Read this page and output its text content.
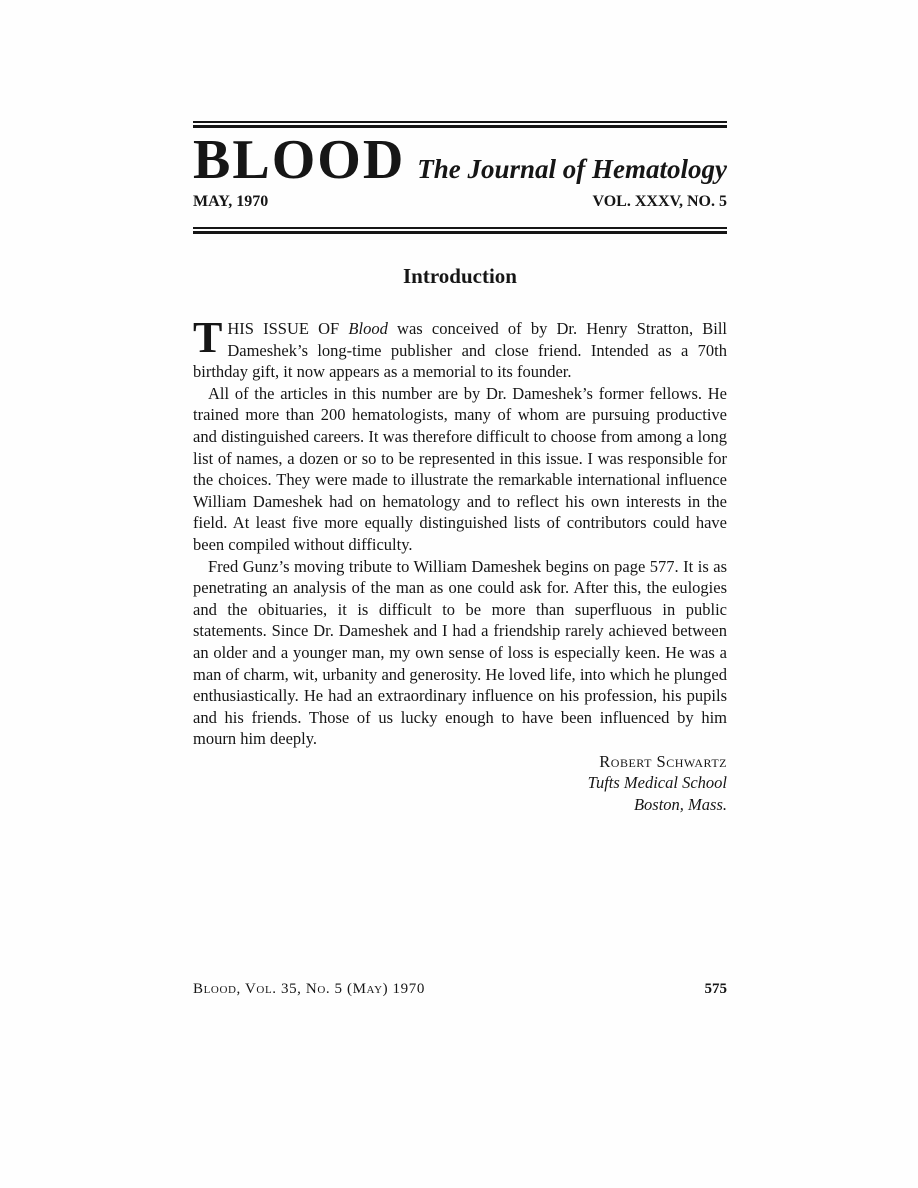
BLOOD The Journal of Hematology
MAY, 1970	VOL. XXXV, NO. 5
Introduction

THIS ISSUE OF Blood was conceived of by Dr. Henry Stratton, Bill Dameshek’s long-time publisher and close friend. Intended as a 70th birthday gift, it now appears as a memorial to its founder.

All of the articles in this number are by Dr. Dameshek’s former fellows. He trained more than 200 hematologists, many of whom are pursuing productive and distinguished careers. It was therefore difficult to choose from among a long list of names, a dozen or so to be represented in this issue. I was responsible for the choices. They were made to illustrate the remarkable international influence William Dameshek had on hematology and to reflect his own interests in the field. At least five more equally distinguished lists of contributors could have been compiled without difficulty.

Fred Gunz’s moving tribute to William Dameshek begins on page 577. It is as penetrating an analysis of the man as one could ask for. After this, the eulogies and the obituaries, it is difficult to be more than superfluous in public statements. Since Dr. Dameshek and I had a friendship rarely achieved between an older and a younger man, my own sense of loss is especially keen. He was a man of charm, wit, urbanity and generosity. He loved life, into which he plunged enthusiastically. He had an extraordinary influence on his profession, his pupils and his friends. Those of us lucky enough to have been influenced by him mourn him deeply.

Robert Schwartz
Tufts Medical School
Boston, Mass.
Blood, Vol. 35, No. 5 (May) 1970	575
